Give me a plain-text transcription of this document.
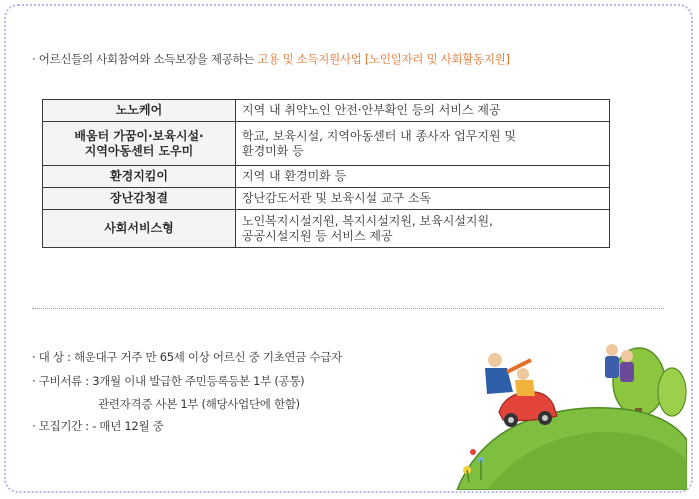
· 어르신들의 사회참여와 소득보장을 제공하는 고용 및 소득지원사업 [노인일자리 및 사회활동지원]
노노케어	지역 내 취약노인 안전·안부확인 등의 서비스 제공
배움터 가꿈이·보육시설·
지역아동센터 도우미	학교, 보육시설, 지역아동센터 내 종사자 업무지원 및
환경미화 등
환경지킴이	지역 내 환경미화 등
장난감청결	장난감도서관 및 보육시설 교구 소독
사회서비스형	노인복지시설지원, 복지시설지원, 보육시설지원,
공공시설지원 등 서비스 제공
· 대 상 : 해운대구 거주 만 65세 이상 어르신 중 기초연금 수급자
· 구비서류 : 3개월 이내 발급한 주민등록등본 1부 (공통)
관련자격증 사본 1부 (해당사업단에 한함)
· 모집기간 : - 매년 12월 중
